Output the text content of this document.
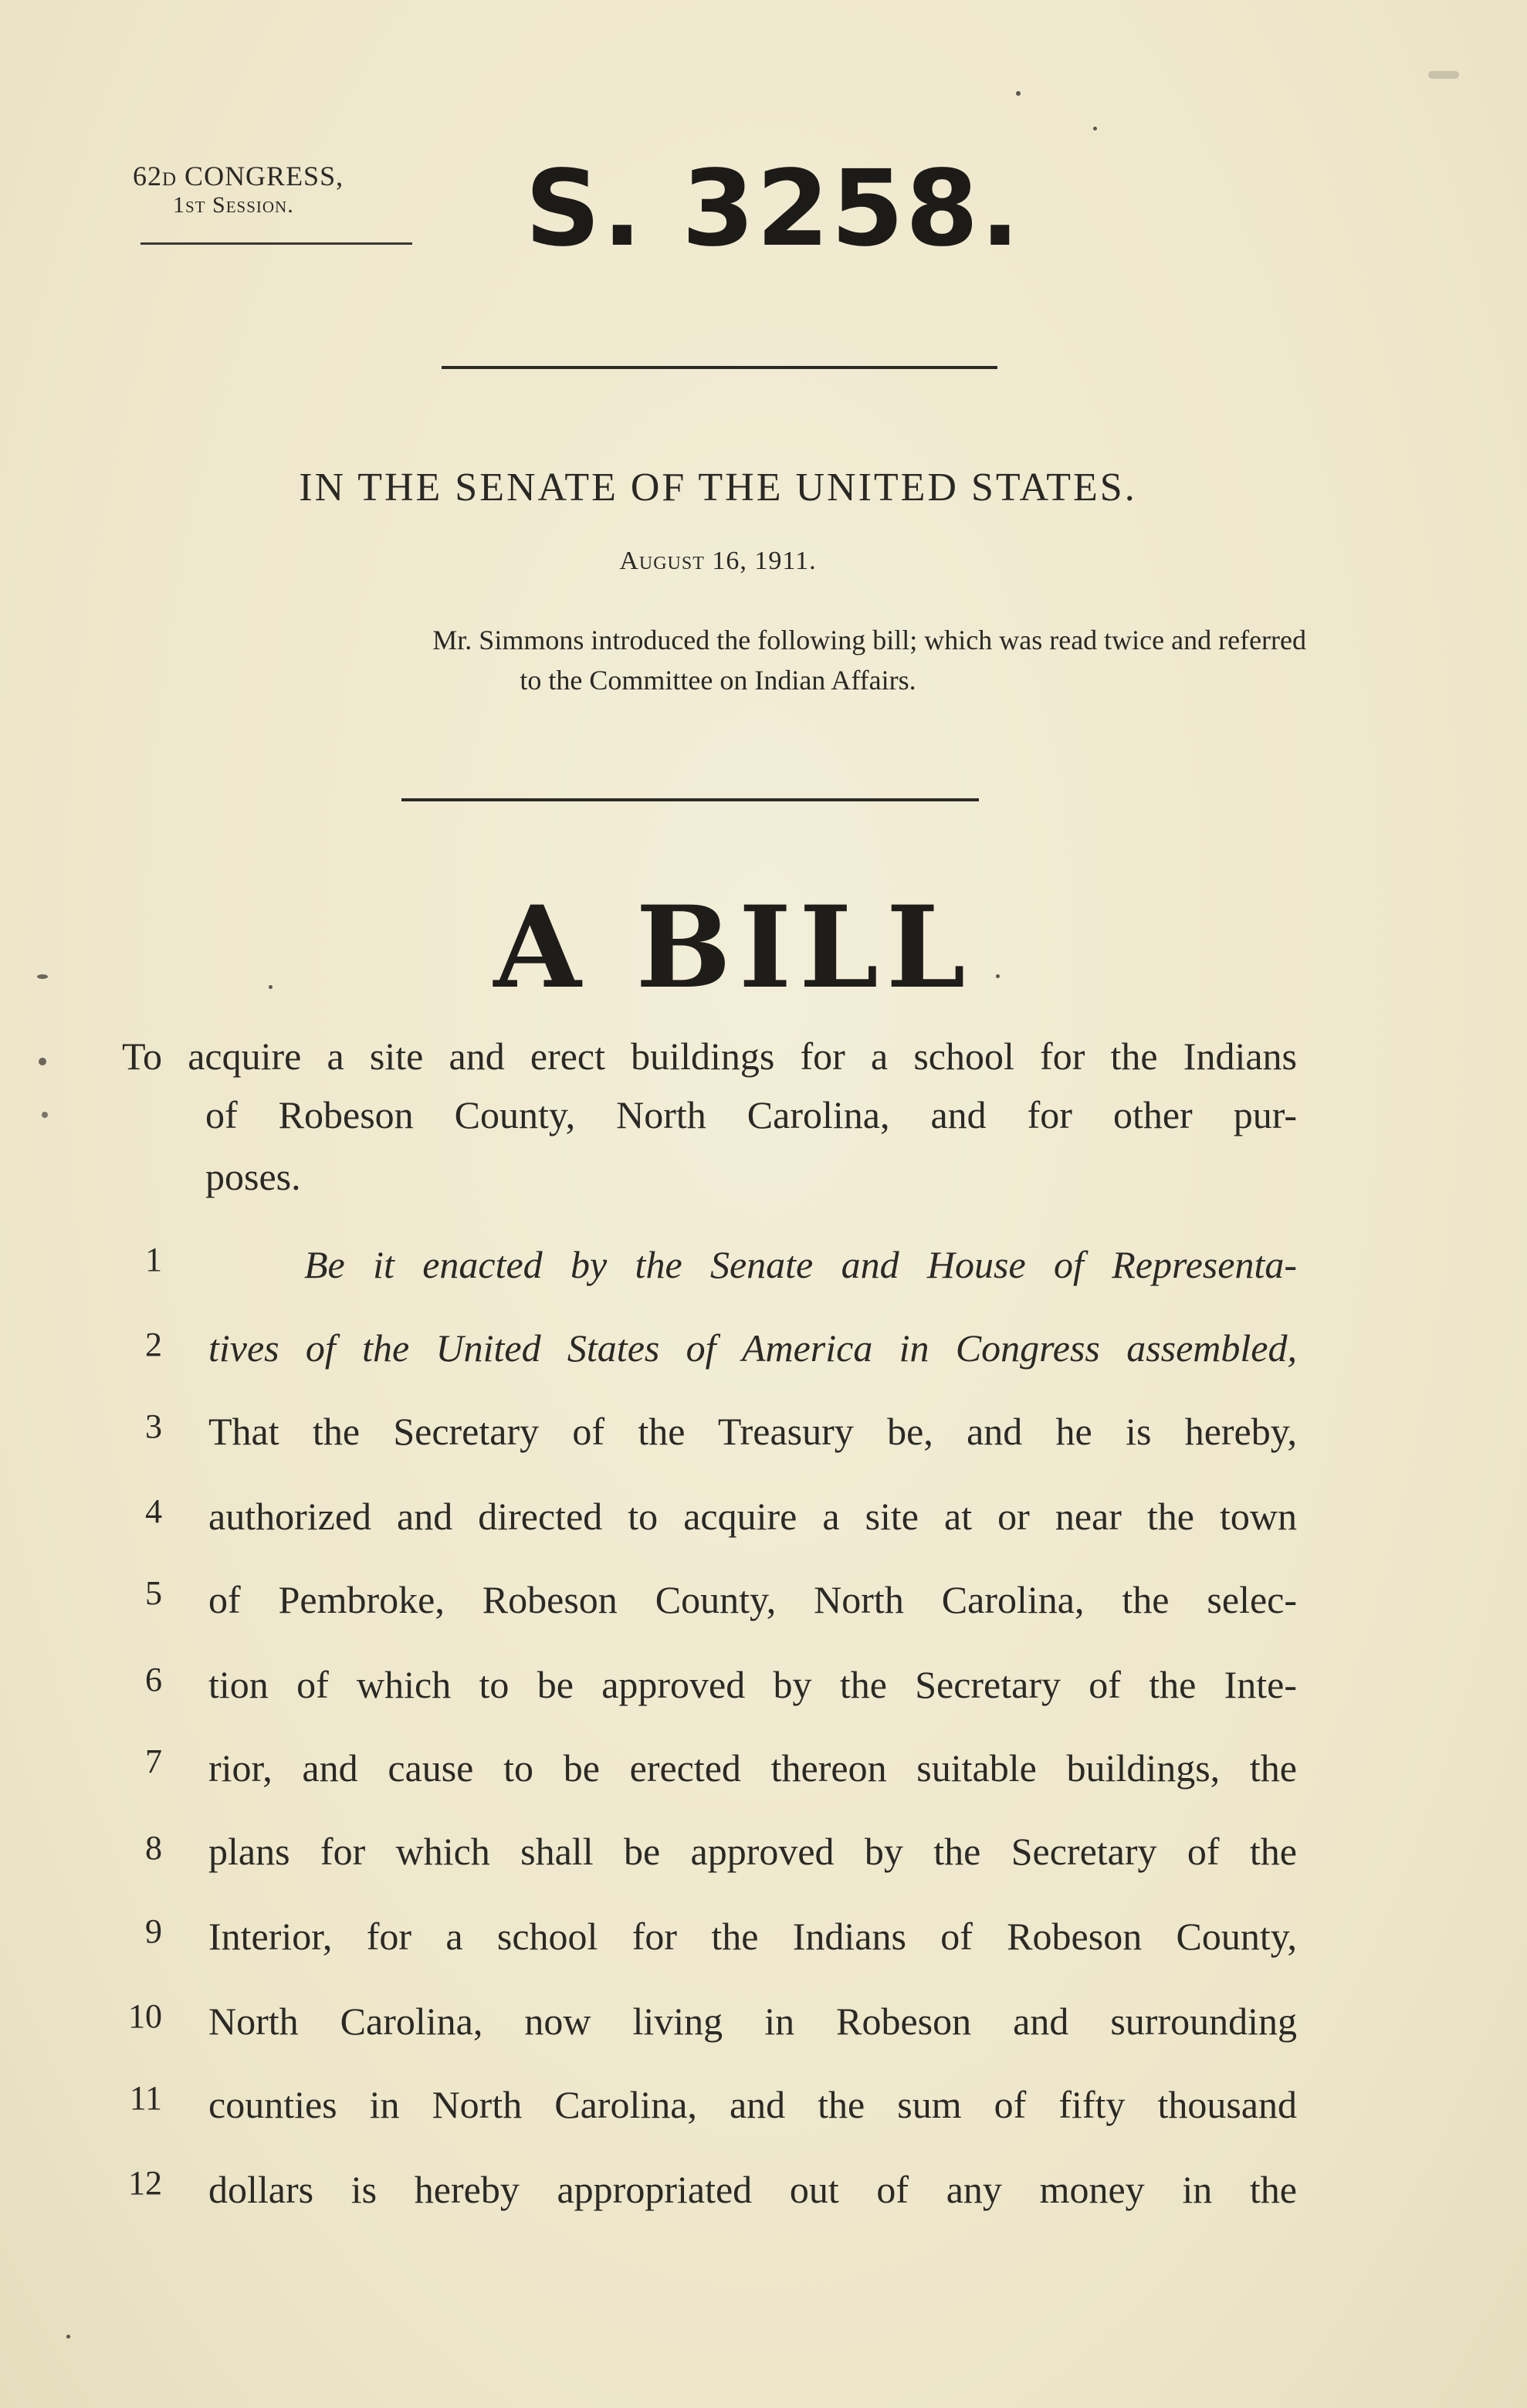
62d CONGRESS,
1st Session.	S. 3258.
IN THE SENATE OF THE UNITED STATES.
August 16, 1911.
Mr. Simmons introduced the following bill; which was read twice and referred
to the Committee on Indian Affairs.
A BILL
To acquire a site and erect buildings for a school for the Indians
of Robeson County, North Carolina, and for other pur-
poses.
1	Be it enacted by the Senate and House of Representa-
2 tives of the United States of America in Congress assembled,
3 That the Secretary of the Treasury be, and he is hereby,
4 authorized and directed to acquire a site at or near the town
5 of Pembroke, Robeson County, North Carolina, the selec-
6 tion of which to be approved by the Secretary of the Inte-
7 rior, and cause to be erected thereon suitable buildings, the
8 plans for which shall be approved by the Secretary of the
9 Interior, for a school for the Indians of Robeson County,
10 North Carolina, now living in Robeson and surrounding
11 counties in North Carolina, and the sum of fifty thousand
12 dollars is hereby appropriated out of any money in the
